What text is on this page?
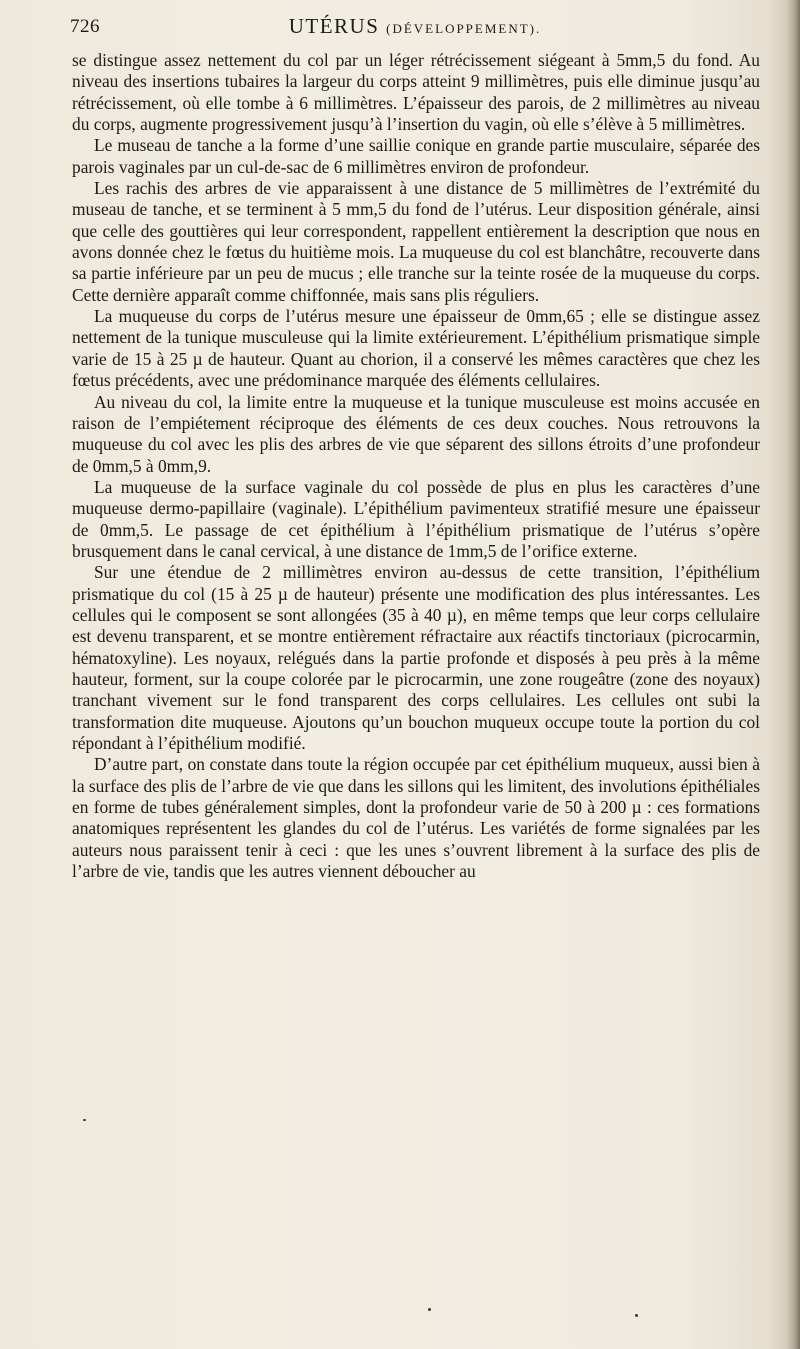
726	UTÉRUS (DÉVELOPPEMENT).

se distingue assez nettement du col par un léger rétrécissement siégeant à 5mm,5 du fond. Au niveau des insertions tubaires la largeur du corps atteint 9 millimètres, puis elle diminue jusqu’au rétrécissement, où elle tombe à 6 millimètres. L’épaisseur des parois, de 2 millimètres au niveau du corps, augmente progressivement jusqu’à l’insertion du vagin, où elle s’élève à 5 millimètres.

Le museau de tanche a la forme d’une saillie conique en grande partie musculaire, séparée des parois vaginales par un cul-de-sac de 6 millimètres environ de profondeur.

Les rachis des arbres de vie apparaissent à une distance de 5 millimètres de l’extrémité du museau de tanche, et se terminent à 5 mm,5 du fond de l’utérus. Leur disposition générale, ainsi que celle des gouttières qui leur correspondent, rappellent entièrement la description que nous en avons donnée chez le fœtus du huitième mois. La muqueuse du col est blanchâtre, recouverte dans sa partie inférieure par un peu de mucus ; elle tranche sur la teinte rosée de la muqueuse du corps. Cette dernière apparaît comme chiffonnée, mais sans plis réguliers.

La muqueuse du corps de l’utérus mesure une épaisseur de 0mm,65 ; elle se distingue assez nettement de la tunique musculeuse qui la limite extérieurement. L’épithélium prismatique simple varie de 15 à 25 µ de hauteur. Quant au chorion, il a conservé les mêmes caractères que chez les fœtus précédents, avec une prédominance marquée des éléments cellulaires.

Au niveau du col, la limite entre la muqueuse et la tunique musculeuse est moins accusée en raison de l’empiétement réciproque des éléments de ces deux couches. Nous retrouvons la muqueuse du col avec les plis des arbres de vie que séparent des sillons étroits d’une profondeur de 0mm,5 à 0mm,9.

La muqueuse de la surface vaginale du col possède de plus en plus les caractères d’une muqueuse dermo-papillaire (vaginale). L’épithélium pavimenteux stratifié mesure une épaisseur de 0mm,5. Le passage de cet épithélium à l’épithélium prismatique de l’utérus s’opère brusquement dans le canal cervical, à une distance de 1mm,5 de l’orifice externe.

Sur une étendue de 2 millimètres environ au-dessus de cette transition, l’épithélium prismatique du col (15 à 25 µ de hauteur) présente une modification des plus intéressantes. Les cellules qui le composent se sont allongées (35 à 40 µ), en même temps que leur corps cellulaire est devenu transparent, et se montre entièrement réfractaire aux réactifs tinctoriaux (picrocarmin, hématoxyline). Les noyaux, relégués dans la partie profonde et disposés à peu près à la même hauteur, forment, sur la coupe colorée par le picrocarmin, une zone rougeâtre (zone des noyaux) tranchant vivement sur le fond transparent des corps cellulaires. Les cellules ont subi la transformation dite muqueuse. Ajoutons qu’un bouchon muqueux occupe toute la portion du col répondant à l’épithélium modifié.

D’autre part, on constate dans toute la région occupée par cet épithélium muqueux, aussi bien à la surface des plis de l’arbre de vie que dans les sillons qui les limitent, des involutions épithéliales en forme de tubes généralement simples, dont la profondeur varie de 50 à 200 µ : ces formations anatomiques représentent les glandes du col de l’utérus. Les variétés de forme signalées par les auteurs nous paraissent tenir à ceci : que les unes s’ouvrent librement à la surface des plis de l’arbre de vie, tandis que les autres viennent déboucher au
